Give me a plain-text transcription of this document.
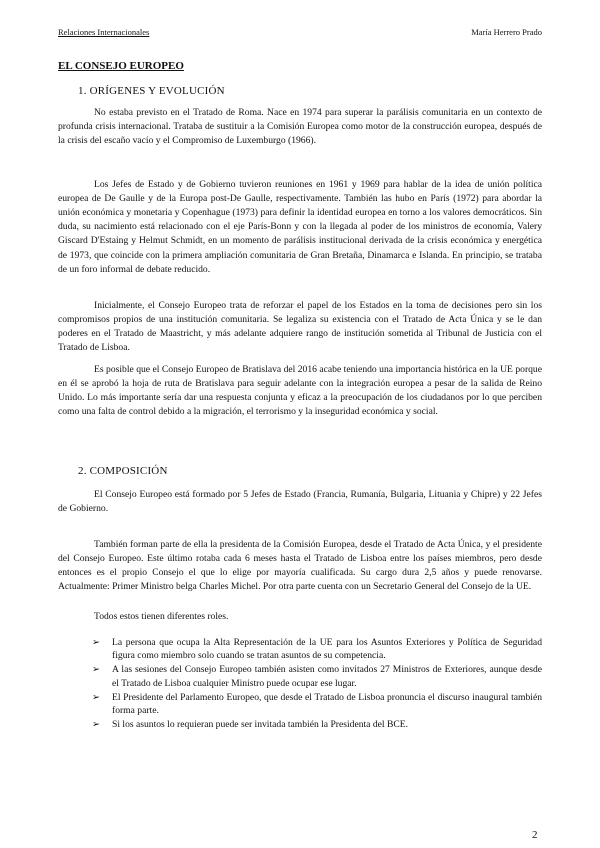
Relaciones Internacionales	María Herrero Prado
EL CONSEJO EUROPEO
1. ORÍGENES Y EVOLUCIÓN

No estaba previsto en el Tratado de Roma. Nace en 1974 para superar la parálisis comunitaria en un contexto de profunda crisis internacional. Trataba de sustituir a la Comisión Europea como motor de la construcción europea, después de la crisis del escaño vacío y el Compromiso de Luxemburgo (1966).

Los Jefes de Estado y de Gobierno tuvieron reuniones en 1961 y 1969 para hablar de la idea de unión política europea de De Gaulle y de la Europa post-De Gaulle, respectivamente. También las hubo en París (1972) para abordar la unión económica y monetaria y Copenhague (1973) para definir la identidad europea en torno a los valores democráticos. Sin duda, su nacimiento está relacionado con el eje París-Bonn y con la llegada al poder de los ministros de economía, Valery Giscard D'Estaing y Helmut Schmidt, en un momento de parálisis institucional derivada de la crisis económica y energética de 1973, que coincide con la primera ampliación comunitaria de Gran Bretaña, Dinamarca e Islanda. En principio, se trataba de un foro informal de debate reducido.

Inicialmente, el Consejo Europeo trata de reforzar el papel de los Estados en la toma de decisiones pero sin los compromisos propios de una institución comunitaria. Se legaliza su existencia con el Tratado de Acta Única y se le dan poderes en el Tratado de Maastricht, y más adelante adquiere rango de institución sometida al Tribunal de Justicia con el Tratado de Lisboa.

Es posible que el Consejo Europeo de Bratislava del 2016 acabe teniendo una importancia histórica en la UE porque en él se aprobó la hoja de ruta de Bratislava para seguir adelante con la integración europea a pesar de la salida de Reino Unido. Lo más importante sería dar una respuesta conjunta y eficaz a la preocupación de los ciudadanos por lo que perciben como una falta de control debido a la migración, el terrorismo y la inseguridad económica y social.

2. COMPOSICIÓN

El Consejo Europeo está formado por 5 Jefes de Estado (Francia, Rumanía, Bulgaria, Lituania y Chipre) y 22 Jefes de Gobierno.

También forman parte de ella la presidenta de la Comisión Europea, desde el Tratado de Acta Única, y el presidente del Consejo Europeo. Este último rotaba cada 6 meses hasta el Tratado de Lisboa entre los países miembros, pero desde entonces es el propio Consejo el que lo elige por mayoría cualificada. Su cargo dura 2,5 años y puede renovarse. Actualmente: Primer Ministro belga Charles Michel. Por otra parte cuenta con un Secretario General del Consejo de la UE.

Todos estos tienen diferentes roles.

➢ La persona que ocupa la Alta Representación de la UE para los Asuntos Exteriores y Política de Seguridad figura como miembro solo cuando se tratan asuntos de su competencia.
➢ A las sesiones del Consejo Europeo también asisten como invitados 27 Ministros de Exteriores, aunque desde el Tratado de Lisboa cualquier Ministro puede ocupar ese lugar.
➢ El Presidente del Parlamento Europeo, que desde el Tratado de Lisboa pronuncia el discurso inaugural también forma parte.
➢ Si los asuntos lo requieran puede ser invitada también la Presidenta del BCE.
2
